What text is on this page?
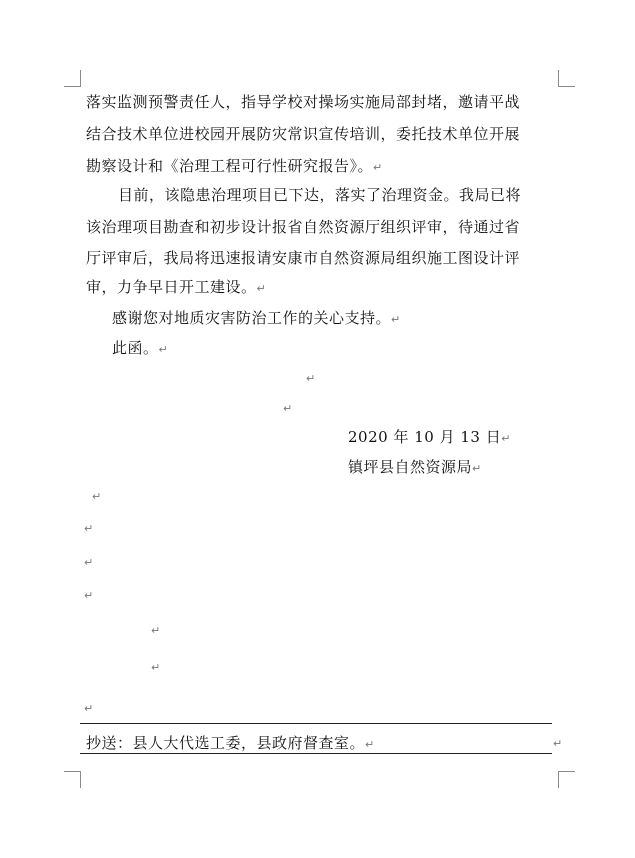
落实监测预警责任人，指导学校对操场实施局部封堵，邀请平战
结合技术单位进校园开展防灾常识宣传培训，委托技术单位开展
勘察设计和《治理工程可行性研究报告》。↵
目前，该隐患治理项目已下达，落实了治理资金。我局已将
该治理项目勘查和初步设计报省自然资源厅组织评审，待通过省
厅评审后，我局将迅速报请安康市自然资源局组织施工图设计评
审，力争早日开工建设。↵
感谢您对地质灾害防治工作的关心支持。↵
此函。↵
↵
↵
2020 年 10 月 13 日↵
镇坪县自然资源局↵
↵
↵
↵
↵
↵
↵
↵
抄送：县人大代选工委，县政府督查室。↵	↵
